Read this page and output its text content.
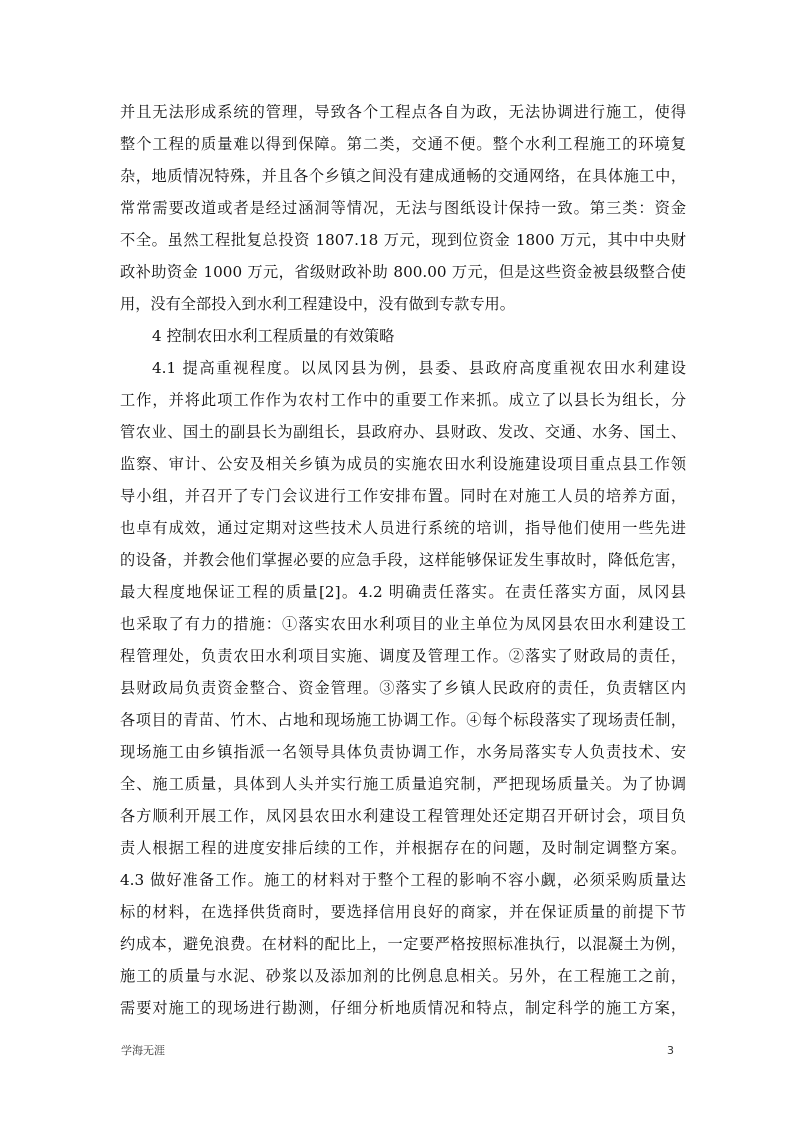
并且无法形成系统的管理，导致各个工程点各自为政，无法协调进行施工，使得
整个工程的质量难以得到保障。第二类，交通不便。整个水利工程施工的环境复
杂，地质情况特殊，并且各个乡镇之间没有建成通畅的交通网络，在具体施工中，
常常需要改道或者是经过涵洞等情况，无法与图纸设计保持一致。第三类：资金
不全。虽然工程批复总投资 1807.18 万元，现到位资金 1800 万元，其中中央财
政补助资金 1000 万元，省级财政补助 800.00 万元，但是这些资金被县级整合使
用，没有全部投入到水利工程建设中，没有做到专款专用。
4 控制农田水利工程质量的有效策略
4.1 提高重视程度。以凤冈县为例，县委、县政府高度重视农田水利建设
工作，并将此项工作作为农村工作中的重要工作来抓。成立了以县长为组长，分
管农业、国土的副县长为副组长，县政府办、县财政、发改、交通、水务、国土、
监察、审计、公安及相关乡镇为成员的实施农田水利设施建设项目重点县工作领
导小组，并召开了专门会议进行工作安排布置。同时在对施工人员的培养方面，
也卓有成效，通过定期对这些技术人员进行系统的培训，指导他们使用一些先进
的设备，并教会他们掌握必要的应急手段，这样能够保证发生事故时，降低危害，
最大程度地保证工程的质量[2]。4.2 明确责任落实。在责任落实方面，凤冈县
也采取了有力的措施：①落实农田水利项目的业主单位为凤冈县农田水利建设工
程管理处，负责农田水利项目实施、调度及管理工作。②落实了财政局的责任，
县财政局负责资金整合、资金管理。③落实了乡镇人民政府的责任，负责辖区内
各项目的青苗、竹木、占地和现场施工协调工作。④每个标段落实了现场责任制，
现场施工由乡镇指派一名领导具体负责协调工作，水务局落实专人负责技术、安
全、施工质量，具体到人头并实行施工质量追究制，严把现场质量关。为了协调
各方顺利开展工作，凤冈县农田水利建设工程管理处还定期召开研讨会，项目负
责人根据工程的进度安排后续的工作，并根据存在的问题，及时制定调整方案。
4.3 做好准备工作。施工的材料对于整个工程的影响不容小觑，必须采购质量达
标的材料，在选择供货商时，要选择信用良好的商家，并在保证质量的前提下节
约成本，避免浪费。在材料的配比上，一定要严格按照标准执行，以混凝土为例，
施工的质量与水泥、砂浆以及添加剂的比例息息相关。另外，在工程施工之前，
需要对施工的现场进行勘测，仔细分析地质情况和特点，制定科学的施工方案，
学海无涯	3
